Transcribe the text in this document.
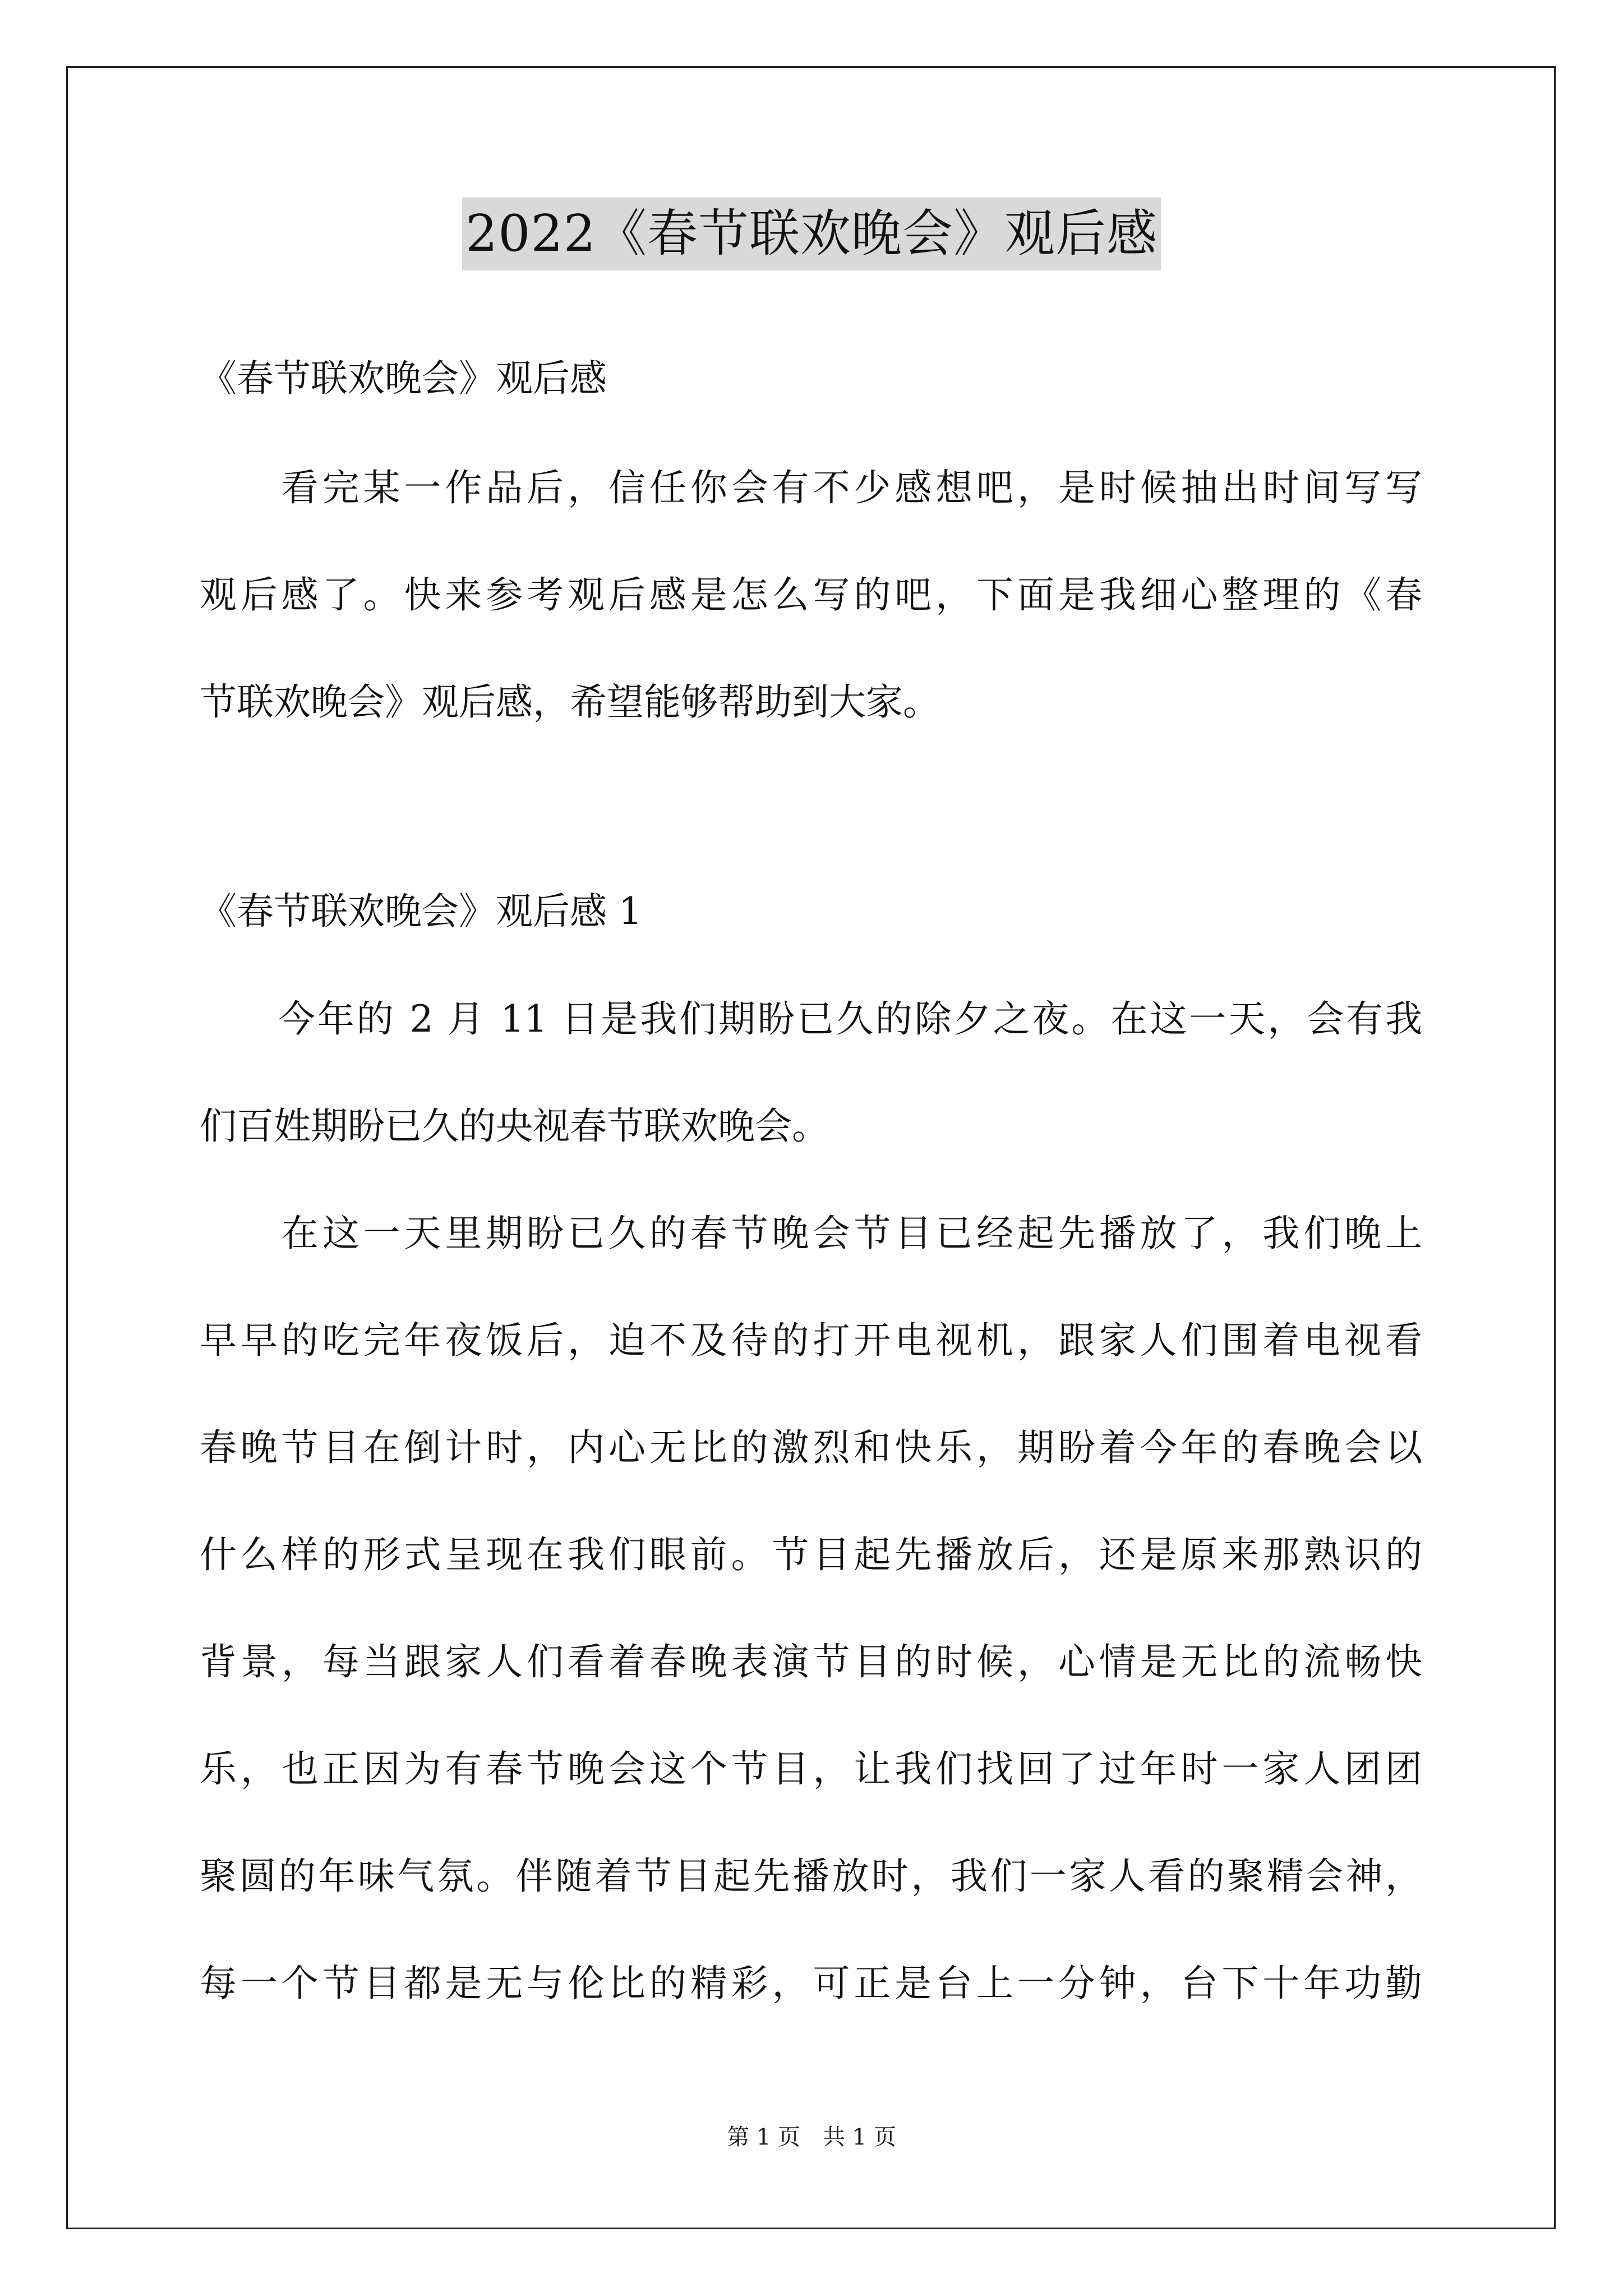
2022《春节联欢晚会》观后感
《春节联欢晚会》观后感
　　看完某一作品后，信任你会有不少感想吧，是时候抽出时间写写
观后感了。快来参考观后感是怎么写的吧，下面是我细心整理的《春
节联欢晚会》观后感，希望能够帮助到大家。
《春节联欢晚会》观后感 1
　　今年的 2 月 11 日是我们期盼已久的除夕之夜。在这一天，会有我
们百姓期盼已久的央视春节联欢晚会。
　　在这一天里期盼已久的春节晚会节目已经起先播放了，我们晚上
早早的吃完年夜饭后，迫不及待的打开电视机，跟家人们围着电视看
春晚节目在倒计时，内心无比的激烈和快乐，期盼着今年的春晚会以
什么样的形式呈现在我们眼前。节目起先播放后，还是原来那熟识的
背景，每当跟家人们看着春晚表演节目的时候，心情是无比的流畅快
乐，也正因为有春节晚会这个节目，让我们找回了过年时一家人团团
聚圆的年味气氛。伴随着节目起先播放时，我们一家人看的聚精会神，
每一个节目都是无与伦比的精彩，可正是台上一分钟，台下十年功勤
第 1 页　共 1 页
